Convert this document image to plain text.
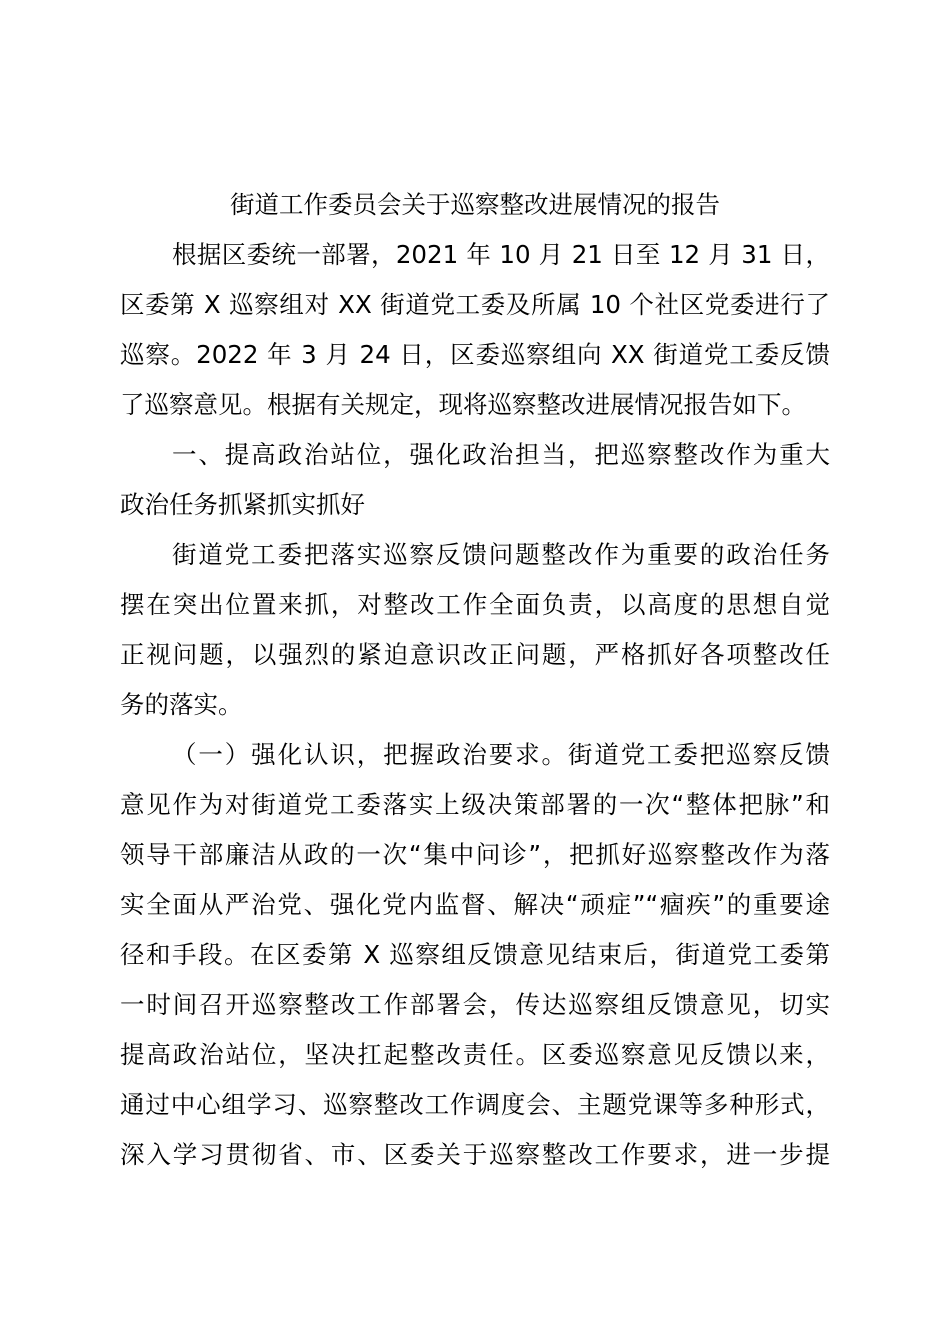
街道工作委员会关于巡察整改进展情况的报告
根据区委统一部署，2021 年 10 月 21 日至 12 月 31 日，
区委第 X 巡察组对 XX 街道党工委及所属 10 个社区党委进行了
巡察。2022 年 3 月 24 日，区委巡察组向 XX 街道党工委反馈
了巡察意见。根据有关规定，现将巡察整改进展情况报告如下。
一、提高政治站位，强化政治担当，把巡察整改作为重大
政治任务抓紧抓实抓好
街道党工委把落实巡察反馈问题整改作为重要的政治任务
摆在突出位置来抓，对整改工作全面负责，以高度的思想自觉
正视问题，以强烈的紧迫意识改正问题，严格抓好各项整改任
务的落实。
（一）强化认识，把握政治要求。街道党工委把巡察反馈
意见作为对街道党工委落实上级决策部署的一次“整体把脉”和
领导干部廉洁从政的一次“集中问诊”，把抓好巡察整改作为落
实全面从严治党、强化党内监督、解决“顽症”“痼疾”的重要途
径和手段。在区委第 X 巡察组反馈意见结束后，街道党工委第
一时间召开巡察整改工作部署会，传达巡察组反馈意见，切实
提高政治站位，坚决扛起整改责任。区委巡察意见反馈以来，
通过中心组学习、巡察整改工作调度会、主题党课等多种形式，
深入学习贯彻省、市、区委关于巡察整改工作要求，进一步提
